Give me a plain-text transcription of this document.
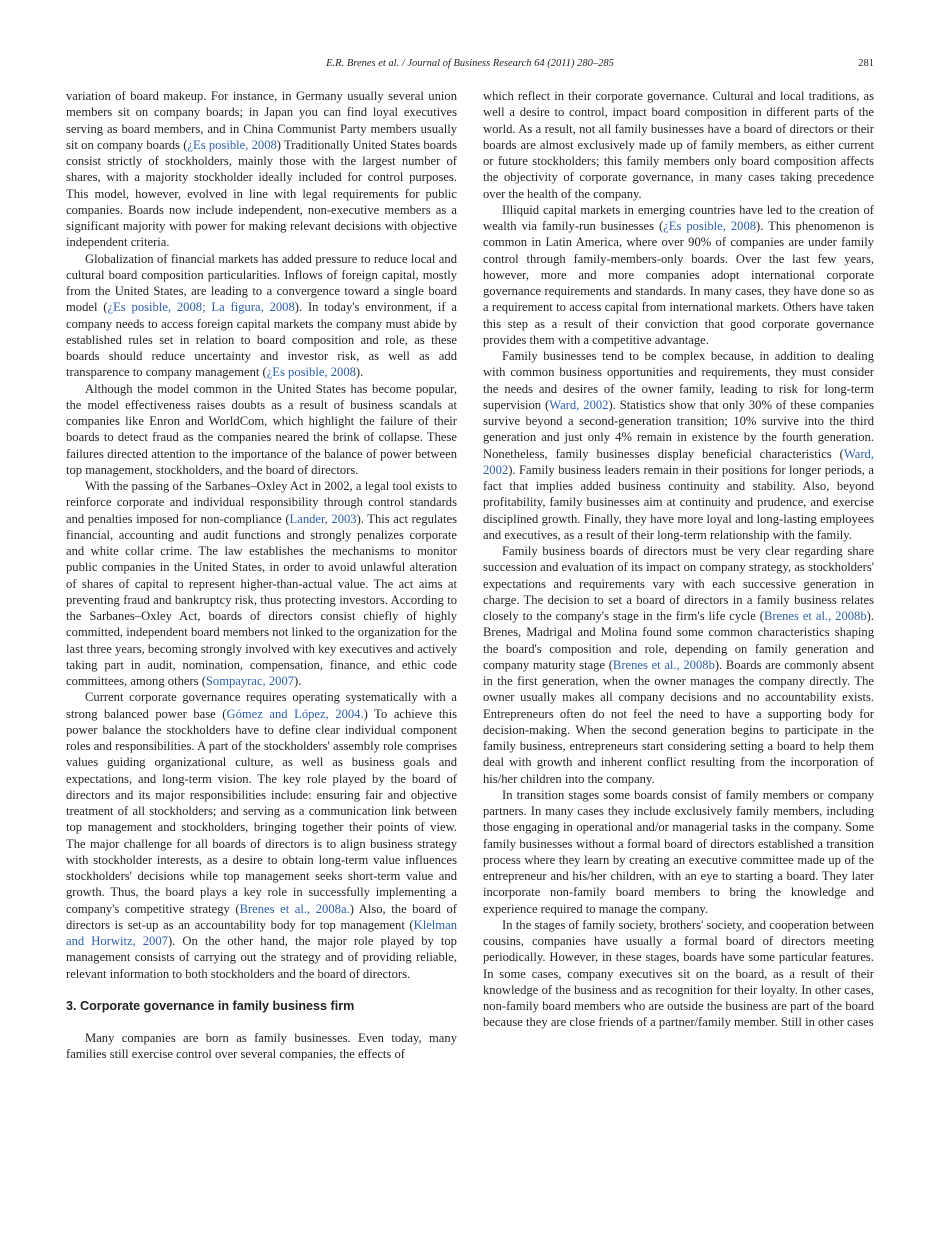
E.R. Brenes et al. / Journal of Business Research 64 (2011) 280–285	281

variation of board makeup. For instance, in Germany usually several union members sit on company boards; in Japan you can find loyal executives serving as board members, and in China Communist Party members usually sit on company boards (¿Es posible, 2008) Traditionally United States boards consist strictly of stockholders, mainly those with the largest number of shares, with a majority stockholder ideally included for control purposes. This model, however, evolved in line with legal requirements for public companies. Boards now include independent, non-executive members as a significant majority with power for making relevant decisions with objective independent criteria.

Globalization of financial markets has added pressure to reduce local and cultural board composition particularities. Inflows of foreign capital, mostly from the United States, are leading to a convergence toward a single board model (¿Es posible, 2008; La figura, 2008). In today's environment, if a company needs to access foreign capital markets the company must abide by established rules set in relation to board composition and role, as these boards should reduce uncertainty and investor risk, as well as add transparence to company management (¿Es posible, 2008).

Although the model common in the United States has become popular, the model effectiveness raises doubts as a result of business scandals at companies like Enron and WorldCom, which highlight the failure of their boards to detect fraud as the companies neared the brink of collapse. These failures directed attention to the importance of the balance of power between top management, stockholders, and the board of directors.

With the passing of the Sarbanes–Oxley Act in 2002, a legal tool exists to reinforce corporate and individual responsibility through control standards and penalties imposed for non-compliance (Lander, 2003). This act regulates financial, accounting and audit functions and strongly penalizes corporate and white collar crime. The law establishes the mechanisms to monitor public companies in the United States, in order to avoid unlawful alteration of shares of capital to represent higher-than-actual value. The act aims at preventing fraud and bankruptcy risk, thus protecting investors. According to the Sarbanes–Oxley Act, boards of directors consist chiefly of highly committed, independent board members not linked to the organization for the last three years, becoming strongly involved with key executives and actively taking part in audit, nomination, compensation, finance, and ethic code committees, among others (Sompayrac, 2007).

Current corporate governance requires operating systematically with a strong balanced power base (Gómez and López, 2004.) To achieve this power balance the stockholders have to define clear individual component roles and responsibilities. A part of the stockholders' assembly role comprises values guiding organizational culture, as well as business goals and expectations, and long-term vision. The key role played by the board of directors and its major responsibilities include: ensuring fair and objective treatment of all stockholders; and serving as a communication link between top management and stockholders, bringing together their points of view. The major challenge for all boards of directors is to align business strategy with stockholder interests, as a desire to obtain long-term value influences stockholders' decisions while top management seeks short-term value and growth. Thus, the board plays a key role in successfully implementing a company's competitive strategy (Brenes et al., 2008a.) Also, the board of directors is set-up as an accountability body for top management (Klelman and Horwitz, 2007). On the other hand, the major role played by top management consists of carrying out the strategy and of providing reliable, relevant information to both stockholders and the board of directors.

3. Corporate governance in family business firm

Many companies are born as family businesses. Even today, many families still exercise control over several companies, the effects of

which reflect in their corporate governance. Cultural and local traditions, as well a desire to control, impact board composition in different parts of the world. As a result, not all family businesses have a board of directors or their boards are almost exclusively made up of family members, as either current or future stockholders; this family members only board composition affects the objectivity of corporate governance, in many cases taking precedence over the health of the company.

Illiquid capital markets in emerging countries have led to the creation of wealth via family-run businesses (¿Es posible, 2008). This phenomenon is common in Latin America, where over 90% of companies are under family control through family-members-only boards. Over the last few years, however, more and more companies adopt international corporate governance requirements and standards. In many cases, they have done so as a requirement to access capital from international markets. Others have taken this step as a result of their conviction that good corporate governance provides them with a competitive advantage.

Family businesses tend to be complex because, in addition to dealing with common business opportunities and requirements, they must consider the needs and desires of the owner family, leading to risk for long-term supervision (Ward, 2002). Statistics show that only 30% of these companies survive beyond a second-generation transition; 10% survive into the third generation and just only 4% remain in existence by the fourth generation. Nonetheless, family businesses display beneficial characteristics (Ward, 2002). Family business leaders remain in their positions for longer periods, a fact that implies added business continuity and stability. Also, beyond profitability, family businesses aim at continuity and prudence, and exercise disciplined growth. Finally, they have more loyal and long-lasting employees and executives, as a result of their long-term relationship with the family.

Family business boards of directors must be very clear regarding share succession and evaluation of its impact on company strategy, as stockholders' expectations and requirements vary with each successive generation in charge. The decision to set a board of directors in a family business relates closely to the company's stage in the firm's life cycle (Brenes et al., 2008b). Brenes, Madrigal and Molina found some common characteristics shaping the board's composition and role, depending on family generation and company maturity stage (Brenes et al., 2008b). Boards are commonly absent in the first generation, when the owner manages the company directly. The owner usually makes all company decisions and no accountability exists. Entrepreneurs often do not feel the need to have a supporting body for decision-making. When the second generation begins to participate in the family business, entrepreneurs start considering setting a board to help them deal with growth and inherent conflict resulting from the incorporation of his/her children into the company.

In transition stages some boards consist of family members or company partners. In many cases they include exclusively family members, including those engaging in operational and/or managerial tasks in the company. Some family businesses without a formal board of directors established a transition process where they learn by creating an executive committee made up of the entrepreneur and his/her children, with an eye to starting a board. They later incorporate non-family board members to bring the knowledge and experience required to manage the company.

In the stages of family society, brothers' society, and cooperation between cousins, companies have usually a formal board of directors meeting periodically. However, in these stages, boards have some particular features. In some cases, company executives sit on the board, as a result of their knowledge of the business and as recognition for their loyalty. In other cases, non-family board members who are outside the business are part of the board because they are close friends of a partner/family member. Still in other cases
